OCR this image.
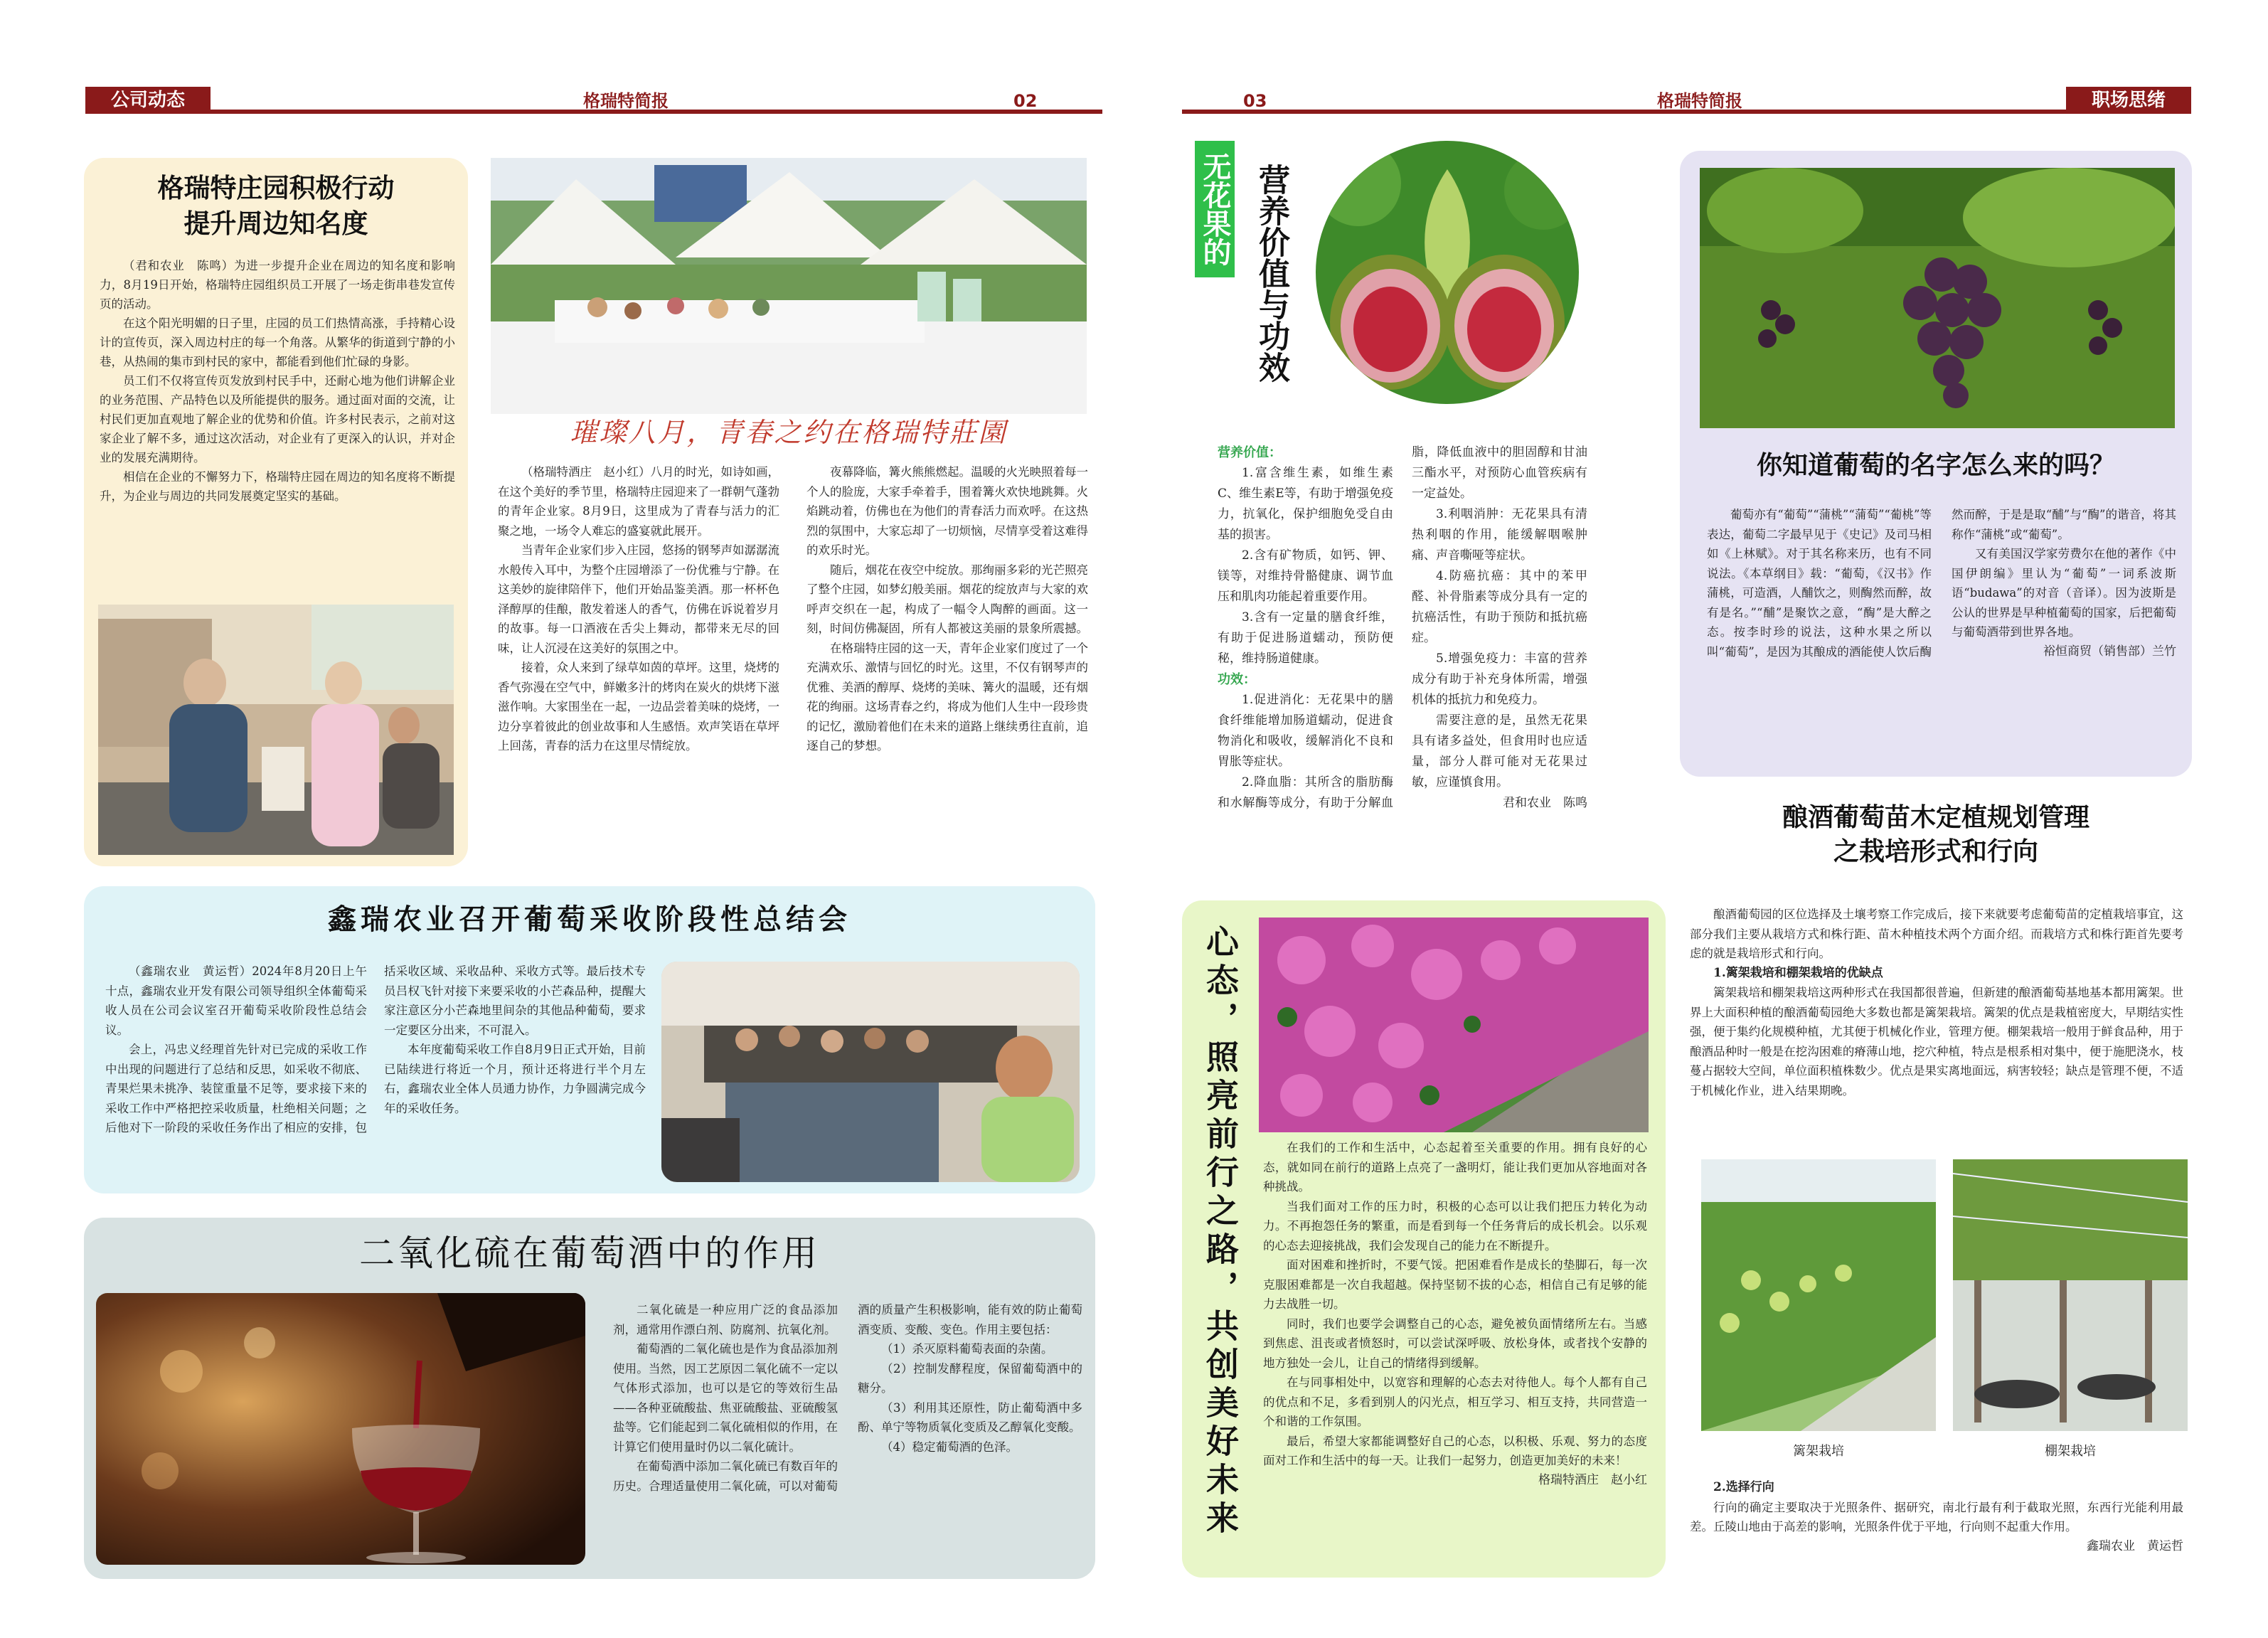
公司动态	格瑞特简报	02	职场思绪
格瑞特简报
03
格瑞特庄园积极行动
提升周边知名度

（君和农业　陈鸣）为进一步提升企业在周边的知名度和影响力，8月19日开始，格瑞特庄园组织员工开展了一场走街串巷发宣传页的活动。

在这个阳光明媚的日子里，庄园的员工们热情高涨，手持精心设计的宣传页，深入周边村庄的每一个角落。从繁华的街道到宁静的小巷，从热闹的集市到村民的家中，都能看到他们忙碌的身影。

员工们不仅将宣传页发放到村民手中，还耐心地为他们讲解企业的业务范围、产品特色以及所能提供的服务。通过面对面的交流，让村民们更加直观地了解企业的优势和价值。许多村民表示，之前对这家企业了解不多，通过这次活动，对企业有了更深入的认识，并对企业的发展充满期待。

相信在企业的不懈努力下，格瑞特庄园在周边的知名度将不断提升，为企业与周边的共同发展奠定坚实的基础。

璀璨八月，青春之约在格瑞特莊園

（格瑞特酒庄　赵小红）八月的时光，如诗如画，在这个美好的季节里，格瑞特庄园迎来了一群朝气蓬勃的青年企业家。8月9日，这里成为了青春与活力的汇聚之地，一场令人难忘的盛宴就此展开。

当青年企业家们步入庄园，悠扬的钢琴声如潺潺流水般传入耳中，为整个庄园增添了一份优雅与宁静。在这美妙的旋律陪伴下，他们开始品鉴美酒。那一杯杯色泽醇厚的佳酿，散发着迷人的香气，仿佛在诉说着岁月的故事。每一口酒液在舌尖上舞动，都带来无尽的回味，让人沉浸在这美好的氛围之中。

接着，众人来到了绿草如茵的草坪。这里，烧烤的香气弥漫在空气中，鲜嫩多汁的烤肉在炭火的烘烤下滋滋作响。大家围坐在一起，一边品尝着美味的烧烤，一边分享着彼此的创业故事和人生感悟。欢声笑语在草坪上回荡，青春的活力在这里尽情绽放。

夜幕降临，篝火熊熊燃起。温暖的火光映照着每一个人的脸庞，大家手牵着手，围着篝火欢快地跳舞。火焰跳动着，仿佛也在为他们的青春活力而欢呼。在这热烈的氛围中，大家忘却了一切烦恼，尽情享受着这难得的欢乐时光。

随后，烟花在夜空中绽放。那绚丽多彩的光芒照亮了整个庄园，如梦幻般美丽。烟花的绽放声与大家的欢呼声交织在一起，构成了一幅令人陶醉的画面。这一刻，时间仿佛凝固，所有人都被这美丽的景象所震撼。

在格瑞特庄园的这一天，青年企业家们度过了一个充满欢乐、激情与回忆的时光。这里，不仅有钢琴声的优雅、美酒的醇厚、烧烤的美味、篝火的温暖，还有烟花的绚丽。这场青春之约，将成为他们人生中一段珍贵的记忆，激励着他们在未来的道路上继续勇往直前，追逐自己的梦想。

鑫瑞农业召开葡萄采收阶段性总结会

（鑫瑞农业　黄运哲）2024年8月20日上午十点，鑫瑞农业开发有限公司领导组织全体葡萄采收人员在公司会议室召开葡萄采收阶段性总结会议。

会上，冯忠义经理首先针对已完成的采收工作中出现的问题进行了总结和反思，如采收不彻底、青果烂果未挑净、装筐重量不足等，要求接下来的采收工作中严格把控采收质量，杜绝相关问题；之后他对下一阶段的采收任务作出了相应的安排，包括采收区域、采收品种、采收方式等。最后技术专员吕权飞针对接下来要采收的小芒森品种，提醒大家注意区分小芒森地里间杂的其他品种葡萄，要求一定要区分出来，不可混入。

本年度葡萄采收工作自8月9日正式开始，目前已陆续进行将近一个月，预计还将进行半个月左右，鑫瑞农业全体人员通力协作，力争圆满完成今年的采收任务。

二氧化硫在葡萄酒中的作用

二氧化硫是一种应用广泛的食品添加剂，通常用作漂白剂、防腐剂、抗氧化剂。

葡萄酒的二氧化硫也是作为食品添加剂使用。当然，因工艺原因二氧化硫不一定以气体形式添加，也可以是它的等效衍生品——各种亚硫酸盐、焦亚硫酸盐、亚硫酸氢盐等。它们能起到二氧化硫相似的作用，在计算它们使用量时仍以二氧化硫计。

在葡萄酒中添加二氧化硫已有数百年的历史。合理适量使用二氧化硫，可以对葡萄酒的质量产生积极影响，能有效的防止葡萄酒变质、变酸、变色。作用主要包括：

（1）杀灭原料葡萄表面的杂菌。

（2）控制发酵程度，保留葡萄酒中的糖分。

（3）利用其还原性，防止葡萄酒中多酚、单宁等物质氧化变质及乙醇氧化变酸。

（4）稳定葡萄酒的色泽。

无花果的 营养价值与功效

营养价值：

1.富含维生素，如维生素C、维生素E等，有助于增强免疫力，抗氧化，保护细胞免受自由基的损害。

2.含有矿物质，如钙、钾、镁等，对维持骨骼健康、调节血压和肌肉功能起着重要作用。

3.含有一定量的膳食纤维，有助于促进肠道蠕动，预防便秘，维持肠道健康。

功效：

1.促进消化：无花果中的膳食纤维能增加肠道蠕动，促进食物消化和吸收，缓解消化不良和胃胀等症状。

2.降血脂：其所含的脂肪酶和水解酶等成分，有助于分解血脂，降低血液中的胆固醇和甘油三酯水平，对预防心血管疾病有一定益处。

3.利咽消肿：无花果具有清热利咽的作用，能缓解咽喉肿痛、声音嘶哑等症状。

4.防癌抗癌：其中的苯甲醛、补骨脂素等成分具有一定的抗癌活性，有助于预防和抵抗癌症。

5.增强免疫力：丰富的营养成分有助于补充身体所需，增强机体的抵抗力和免疫力。

需要注意的是，虽然无花果具有诸多益处，但食用时也应适量，部分人群可能对无花果过敏，应谨慎食用。

君和农业　陈鸣

你知道葡萄的名字怎么来的吗？

葡萄亦有“葡萄”“蒲桃”“蒲萄”“葡桃”等表达，葡萄二字最早见于《史记》及司马相如《上林赋》。对于其名称来历，也有不同说法。《本草纲目》载：“葡萄，《汉书》作蒲桃，可造酒，人酺饮之，则醄然而醉，故有是名。”“酺”是聚饮之意，“醄”是大醉之态。按李时珍的说法，这种水果之所以叫“葡萄”，是因为其酿成的酒能使人饮后醄然而醉，于是是取“酺”与“醄”的谐音，将其称作“蒲桃”或“葡萄”。

又有美国汉学家劳费尔在他的著作《中国伊朗编》里认为“葡萄”一词系波斯语“budawa”的对音（音译）。因为波斯是公认的世界是早种植葡萄的国家，后把葡萄与葡萄酒带到世界各地。

裕恒商贸（销售部）兰竹

心态，照亮前行之路，共创美好未来	在我们的工作和生活中，心态起着至关重要的作用。拥有良好的心态，就如同在前行的道路上点亮了一盏明灯，能让我们更加从容地面对各种挑战。

当我们面对工作的压力时，积极的心态可以让我们把压力转化为动力。不再抱怨任务的繁重，而是看到每一个任务背后的成长机会。以乐观的心态去迎接挑战，我们会发现自己的能力在不断提升。

面对困难和挫折时，不要气馁。把困难看作是成长的垫脚石，每一次克服困难都是一次自我超越。保持坚韧不拔的心态，相信自己有足够的能力去战胜一切。

同时，我们也要学会调整自己的心态，避免被负面情绪所左右。当感到焦虑、沮丧或者愤怒时，可以尝试深呼吸、放松身体，或者找个安静的地方独处一会儿，让自己的情绪得到缓解。

在与同事相处中，以宽容和理解的心态去对待他人。每个人都有自己的优点和不足，多看到别人的闪光点，相互学习、相互支持，共同营造一个和谐的工作氛围。

最后，希望大家都能调整好自己的心态，以积极、乐观、努力的态度面对工作和生活中的每一天。让我们一起努力，创造更加美好的未来！

格瑞特酒庄　赵小红

酿酒葡萄苗木定植规划管理
之栽培形式和行向

酿酒葡萄园的区位选择及土壤考察工作完成后，接下来就要考虑葡萄苗的定植栽培事宜，这部分我们主要从栽培方式和株行距、苗木种植技术两个方面介绍。而栽培方式和株行距首先要考虑的就是栽培形式和行向。

1.篱架栽培和棚架栽培的优缺点

篱架栽培和棚架栽培这两种形式在我国都很普遍，但新建的酿酒葡萄基地基本都用篱架。世界上大面积种植的酿酒葡萄园绝大多数也都是篱架栽培。篱架的优点是栽植密度大，早期结实性强，便于集约化规模种植，尤其便于机械化作业，管理方便。棚架栽培一般用于鲜食品种，用于酿酒品种时一般是在挖沟困难的瘠薄山地，挖穴种植，特点是根系相对集中，便于施肥浇水，枝蔓占据较大空间，单位面积植株数少。优点是果实离地面远，病害较轻；缺点是管理不便，不适于机械化作业，进入结果期晚。

篱架栽培	棚架栽培

2.选择行向

行向的确定主要取决于光照条件、据研究，南北行最有利于截取光照，东西行光能利用最差。丘陵山地由于高差的影响，光照条件优于平地，行向则不起重大作用。

鑫瑞农业　黄运哲
